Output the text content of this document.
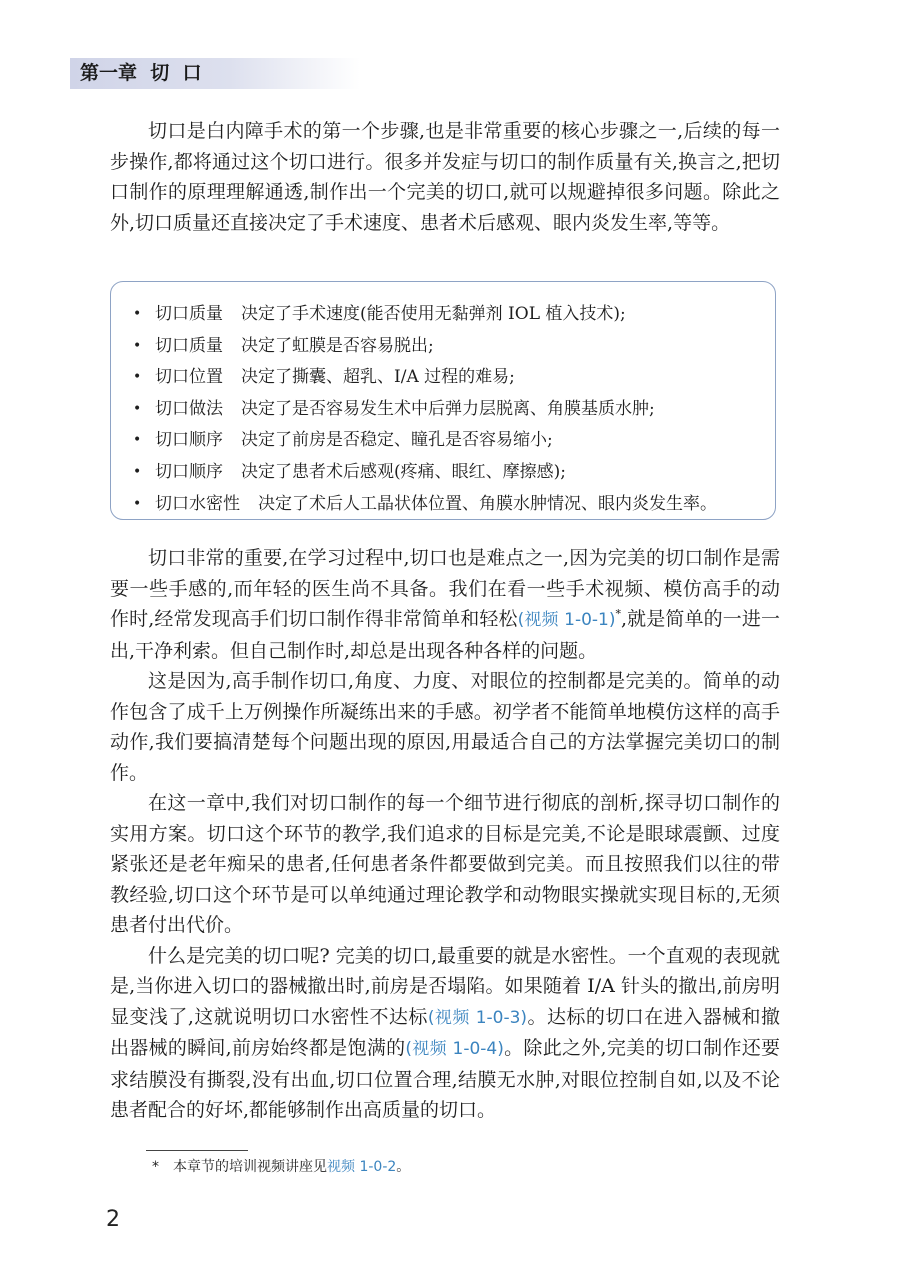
第一章  切  口

切口是白内障手术的第一个步骤,也是非常重要的核心步骤之一,后续的每一步操作,都将通过这个切口进行。很多并发症与切口的制作质量有关,换言之,把切口制作的原理理解通透,制作出一个完美的切口,就可以规避掉很多问题。除此之外,切口质量还直接决定了手术速度、患者术后感观、眼内炎发生率,等等。

• 切口质量 决定了手术速度(能否使用无黏弹剂 IOL 植入技术);
• 切口质量 决定了虹膜是否容易脱出;
• 切口位置 决定了撕囊、超乳、I/A 过程的难易;
• 切口做法 决定了是否容易发生术中后弹力层脱离、角膜基质水肿;
• 切口顺序 决定了前房是否稳定、瞳孔是否容易缩小;
• 切口顺序 决定了患者术后感观(疼痛、眼红、摩擦感);
• 切口水密性 决定了术后人工晶状体位置、角膜水肿情况、眼内炎发生率。

切口非常的重要,在学习过程中,切口也是难点之一,因为完美的切口制作是需要一些手感的,而年轻的医生尚不具备。我们在看一些手术视频、模仿高手的动作时,经常发现高手们切口制作得非常简单和轻松(视频 1-0-1)*,就是简单的一进一出,干净利索。但自己制作时,却总是出现各种各样的问题。

这是因为,高手制作切口,角度、力度、对眼位的控制都是完美的。简单的动作包含了成千上万例操作所凝练出来的手感。初学者不能简单地模仿这样的高手动作,我们要搞清楚每个问题出现的原因,用最适合自己的方法掌握完美切口的制作。

在这一章中,我们对切口制作的每一个细节进行彻底的剖析,探寻切口制作的实用方案。切口这个环节的教学,我们追求的目标是完美,不论是眼球震颤、过度紧张还是老年痴呆的患者,任何患者条件都要做到完美。而且按照我们以往的带教经验,切口这个环节是可以单纯通过理论教学和动物眼实操就实现目标的,无须患者付出代价。

什么是完美的切口呢? 完美的切口,最重要的就是水密性。一个直观的表现就是,当你进入切口的器械撤出时,前房是否塌陷。如果随着 I/A 针头的撤出,前房明显变浅了,这就说明切口水密性不达标(视频 1-0-3)。达标的切口在进入器械和撤出器械的瞬间,前房始终都是饱满的(视频 1-0-4)。除此之外,完美的切口制作还要求结膜没有撕裂,没有出血,切口位置合理,结膜无水肿,对眼位控制自如,以及不论患者配合的好坏,都能够制作出高质量的切口。

* 本章节的培训视频讲座见视频 1-0-2。
2
